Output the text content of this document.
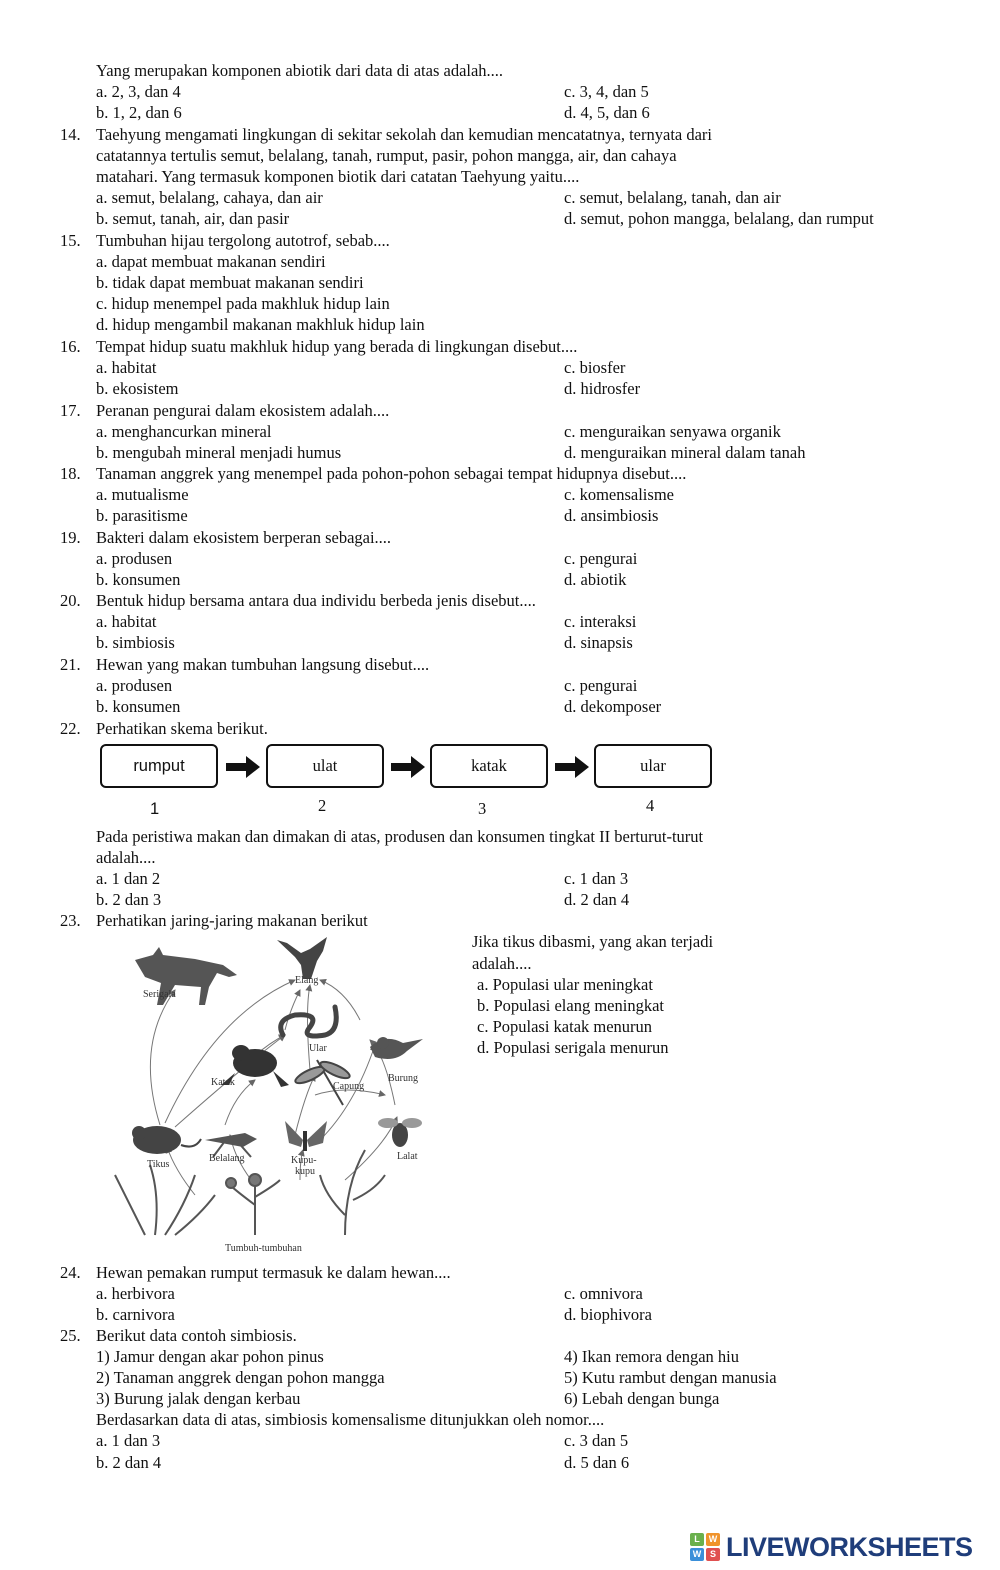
Yang merupakan komponen abiotik dari data di atas adalah....
a. 2, 3, dan 4	c. 3, 4, dan 5
b. 1, 2, dan 6	d. 4, 5, dan 6
14. Taehyung mengamati lingkungan di sekitar sekolah dan kemudian mencatatnya, ternyata dari
catatannya tertulis semut, belalang, tanah, rumput, pasir, pohon mangga, air, dan cahaya
matahari. Yang termasuk komponen biotik dari catatan Taehyung yaitu....
a. semut, belalang, cahaya, dan air	c. semut, belalang, tanah, dan air
b. semut, tanah, air, dan pasir	d. semut, pohon mangga, belalang, dan rumput
15. Tumbuhan hijau tergolong autotrof, sebab....
a. dapat membuat makanan sendiri
b. tidak dapat membuat makanan sendiri
c. hidup menempel pada makhluk hidup lain
d. hidup mengambil makanan makhluk hidup lain
16. Tempat hidup suatu makhluk hidup yang berada di lingkungan disebut....
a. habitat	c. biosfer
b. ekosistem	d. hidrosfer
17. Peranan pengurai dalam ekosistem adalah....
a. menghancurkan mineral	c. menguraikan senyawa organik
b. mengubah mineral menjadi humus	d. menguraikan mineral dalam tanah
18. Tanaman anggrek yang menempel pada pohon-pohon sebagai tempat hidupnya disebut....
a. mutualisme	c. komensalisme
b. parasitisme	d. ansimbiosis
19. Bakteri dalam ekosistem berperan sebagai....
a. produsen	c. pengurai
b. konsumen	d. abiotik
20. Bentuk hidup bersama antara dua individu berbeda jenis disebut....
a. habitat	c. interaksi
b. simbiosis	d. sinapsis
21. Hewan yang makan tumbuhan langsung disebut....
a. produsen	c. pengurai
b. konsumen	d. dekomposer
22. Perhatikan skema berikut.
rumput	ulat	katak	ular
1	2	3	4
Pada peristiwa makan dan dimakan di atas, produsen dan konsumen tingkat II berturut-turut
adalah....
a. 1 dan 2	c. 1 dan 3
b. 2 dan 3	d. 2 dan 4
23. Perhatikan jaring-jaring makanan berikut
Serigala
Elang
Ular
Katak	Capung
Burung
Tikus
Belalang	Kupu-
kupu
Lalat
Tumbuh-tumbuhan
Jika tikus dibasmi, yang akan terjadi
adalah....
a. Populasi ular meningkat
b. Populasi elang meningkat
c. Populasi katak menurun
d. Populasi serigala menurun
24. Hewan pemakan rumput termasuk ke dalam hewan....
a. herbivora	c. omnivora
b. carnivora	d. biophivora
25. Berikut data contoh simbiosis.
1) Jamur dengan akar pohon pinus	4) Ikan remora dengan hiu
2) Tanaman anggrek dengan pohon mangga	5) Kutu rambut dengan manusia
3) Burung jalak dengan kerbau	6) Lebah dengan bunga
Berdasarkan data di atas, simbiosis komensalisme ditunjukkan oleh nomor....
a. 1 dan 3	c. 3 dan 5
b. 2 dan 4	d. 5 dan 6
L	W
W S LIVEWORKSHEETS
